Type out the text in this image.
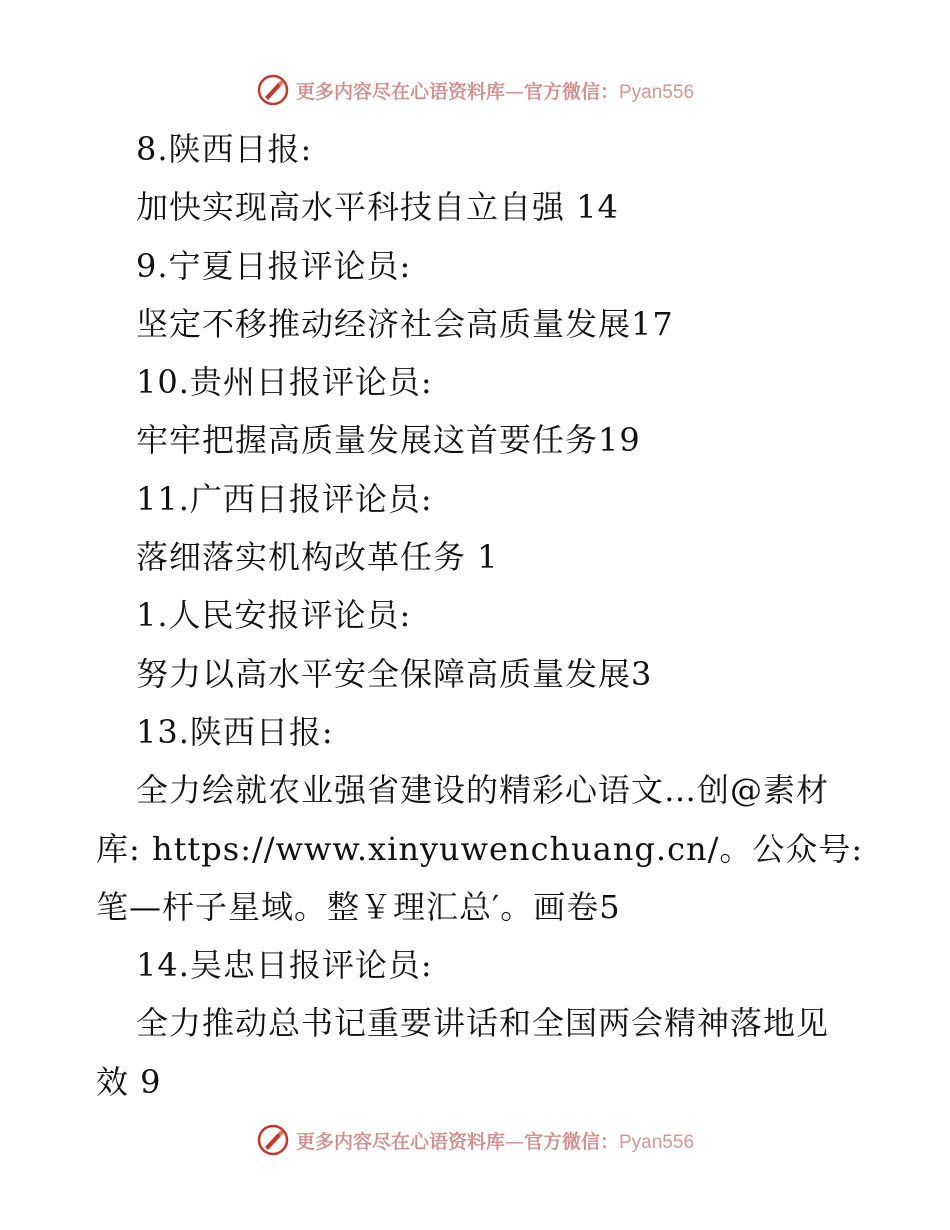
更多内容尽在心语资料库—官方微信：Pyan556
8.陕西日报:
加快实现高水平科技自立自强 14
9.宁夏日报评论员:
坚定不移推动经济社会高质量发展17
10.贵州日报评论员:
牢牢把握高质量发展这首要任务19
11.广西日报评论员:
落细落实机构改革任务 1
1.人民安报评论员:
努力以高水平安全保障高质量发展3
13.陕西日报:
全力绘就农业强省建设的精彩心语文…创@素材
库: https://www.xinyuwenchuang.cn/。公众号:
笔—杆子星域。整￥理汇总′。画卷5
14.吴忠日报评论员:
全力推动总书记重要讲话和全国两会精神落地见
效 9
更多内容尽在心语资料库—官方微信：Pyan556
